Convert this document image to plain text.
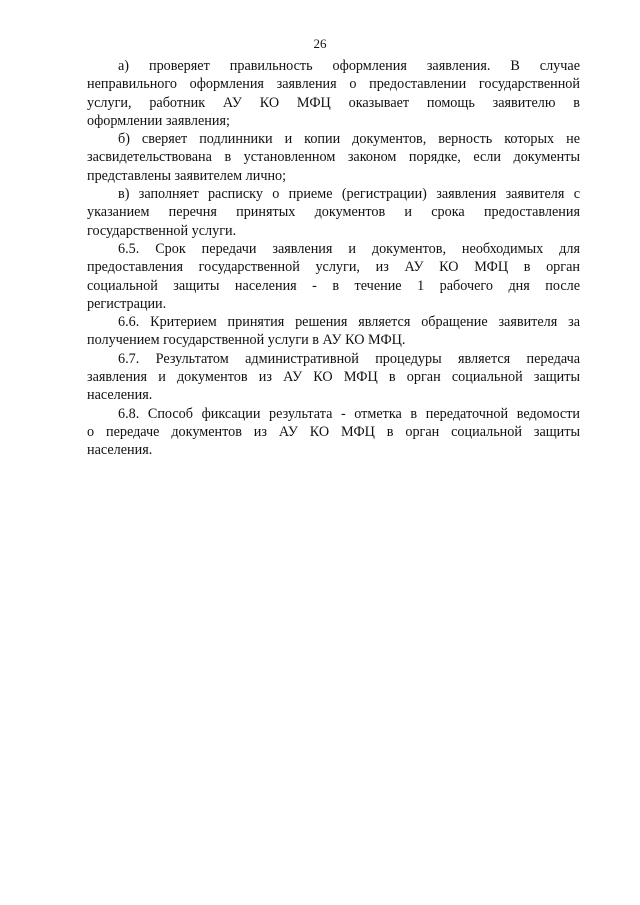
26
а) проверяет правильность оформления заявления. В случае
неправильного оформления заявления о предоставлении государственной
услуги, работник АУ КО МФЦ оказывает помощь заявителю в
оформлении заявления;
б) сверяет подлинники и копии документов, верность которых не
засвидетельствована в установленном законом порядке, если документы
представлены заявителем лично;
в) заполняет расписку о приеме (регистрации) заявления заявителя с
указанием перечня принятых документов и срока предоставления
государственной услуги.
6.5. Срок передачи заявления и документов, необходимых для
предоставления государственной услуги, из АУ КО МФЦ в орган
социальной защиты населения - в течение 1 рабочего дня после
регистрации.
6.6. Критерием принятия решения является обращение заявителя за
получением государственной услуги в АУ КО МФЦ.
6.7. Результатом административной процедуры является передача
заявления и документов из АУ КО МФЦ в орган социальной защиты
населения.
6.8. Способ фиксации результата - отметка в передаточной ведомости
о передаче документов из АУ КО МФЦ в орган социальной защиты
населения.
